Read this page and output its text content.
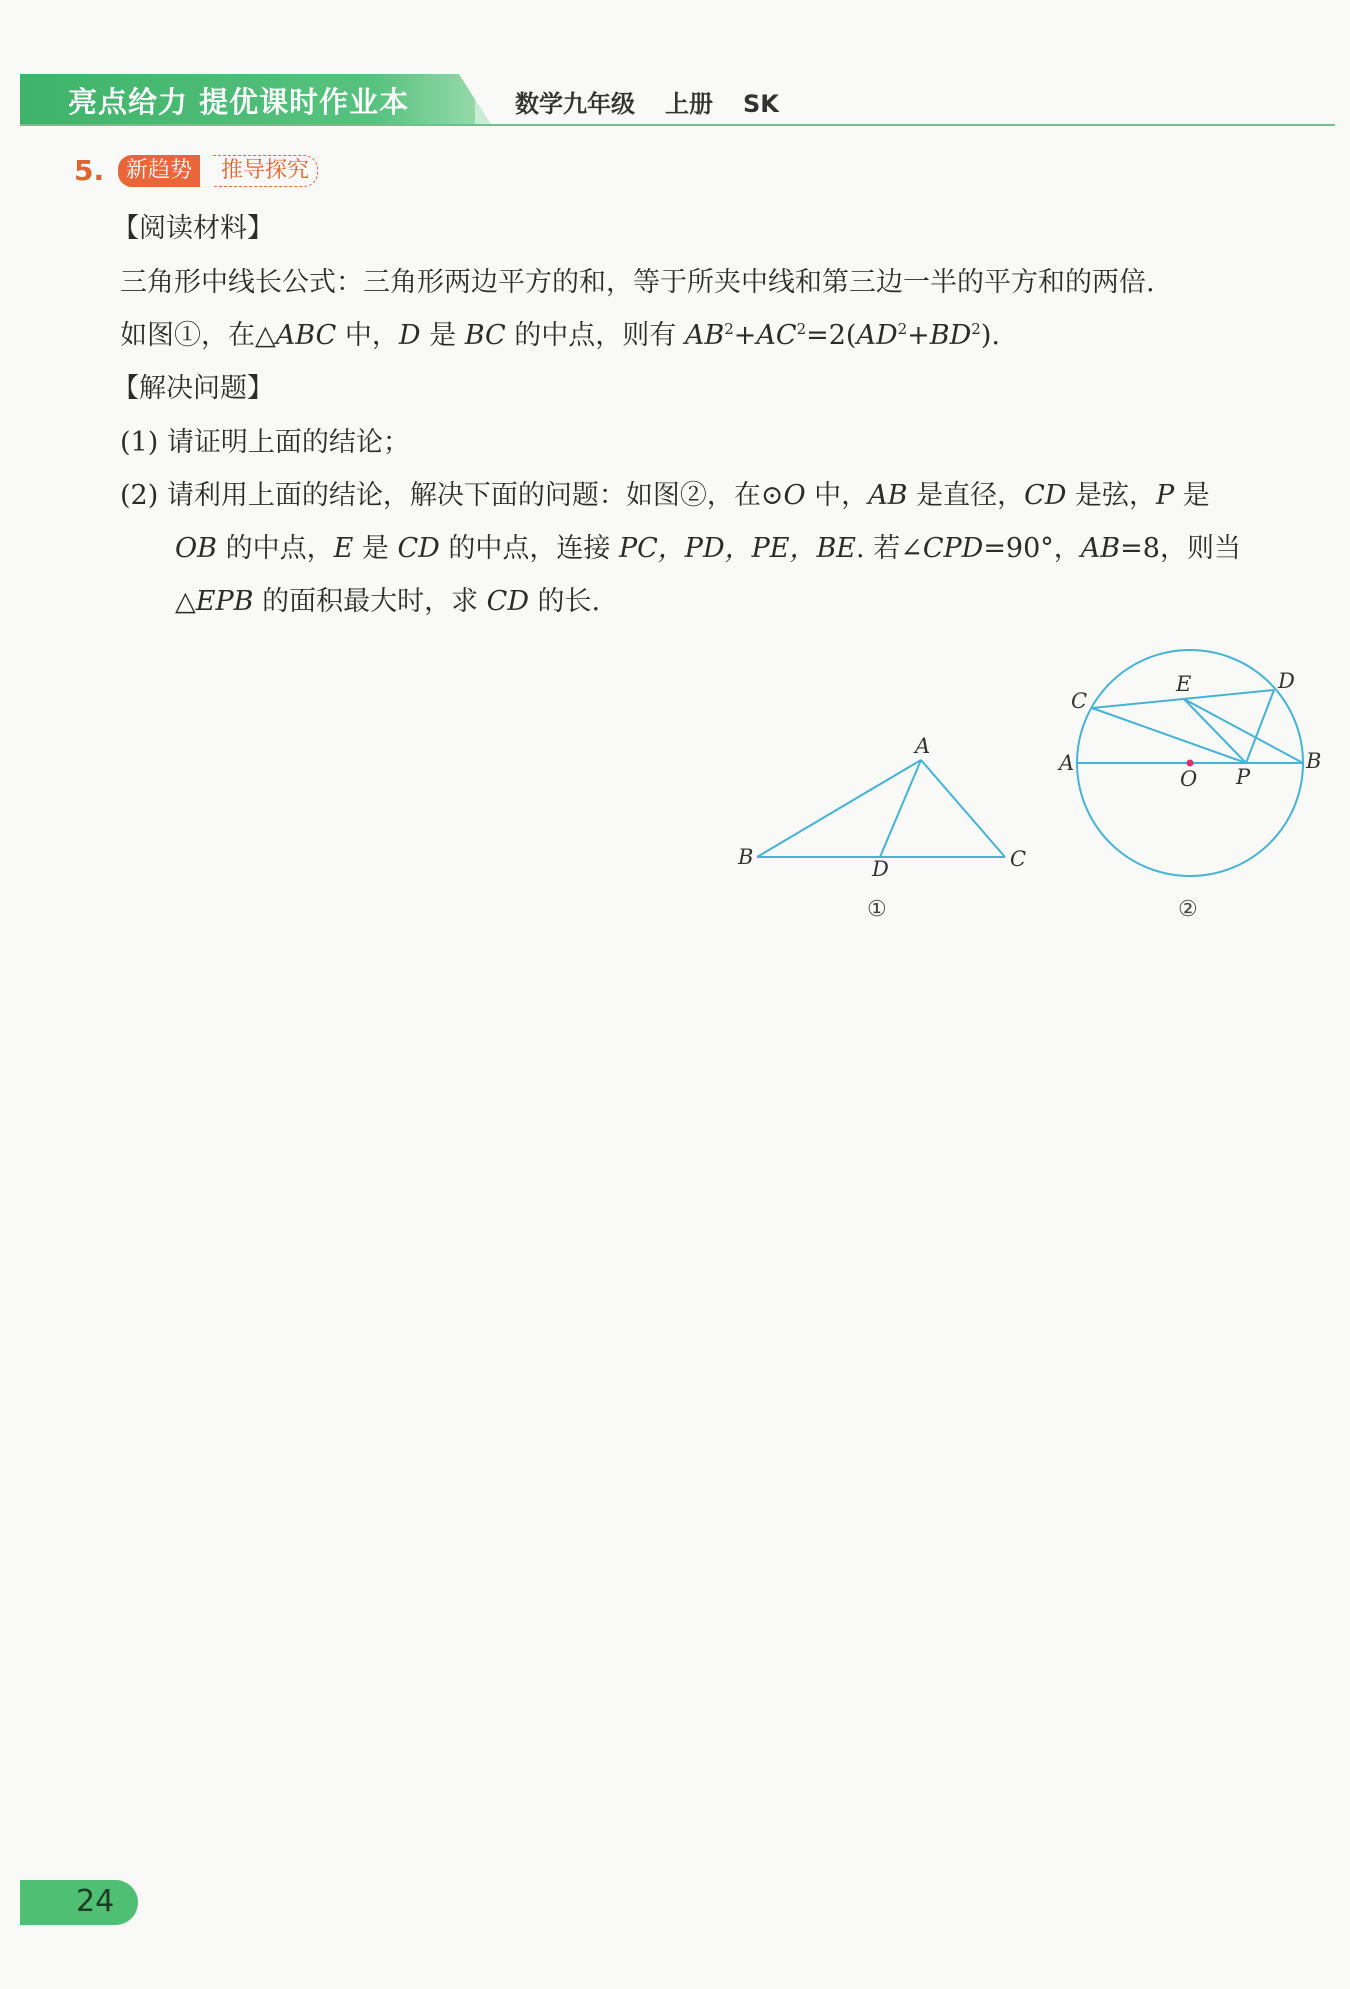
亮点给力 提优课时作业本	数学九年级 上册 SK
5. 新趋势	推导探究
【阅读材料】
三角形中线长公式：三角形两边平方的和，等于所夹中线和第三边一半的平方和的两倍.
如图①，在△ABC 中，D 是 BC 的中点，则有 $AB^2+AC^2=2(AD^2+BD^2)$.
【解决问题】
(1) 请证明上面的结论；
(2) 请利用上面的结论，解决下面的问题：如图②，在⊙O 中，AB 是直径，CD 是弦，P 是
OB 的中点，E 是 CD 的中点，连接 PC，PD，PE，BE. 若∠CPD=90°，AB=8，则当
△EPB 的面积最大时，求 CD 的长.
A
B	C
D
A	B
C
D
E
O P
①	②
24
